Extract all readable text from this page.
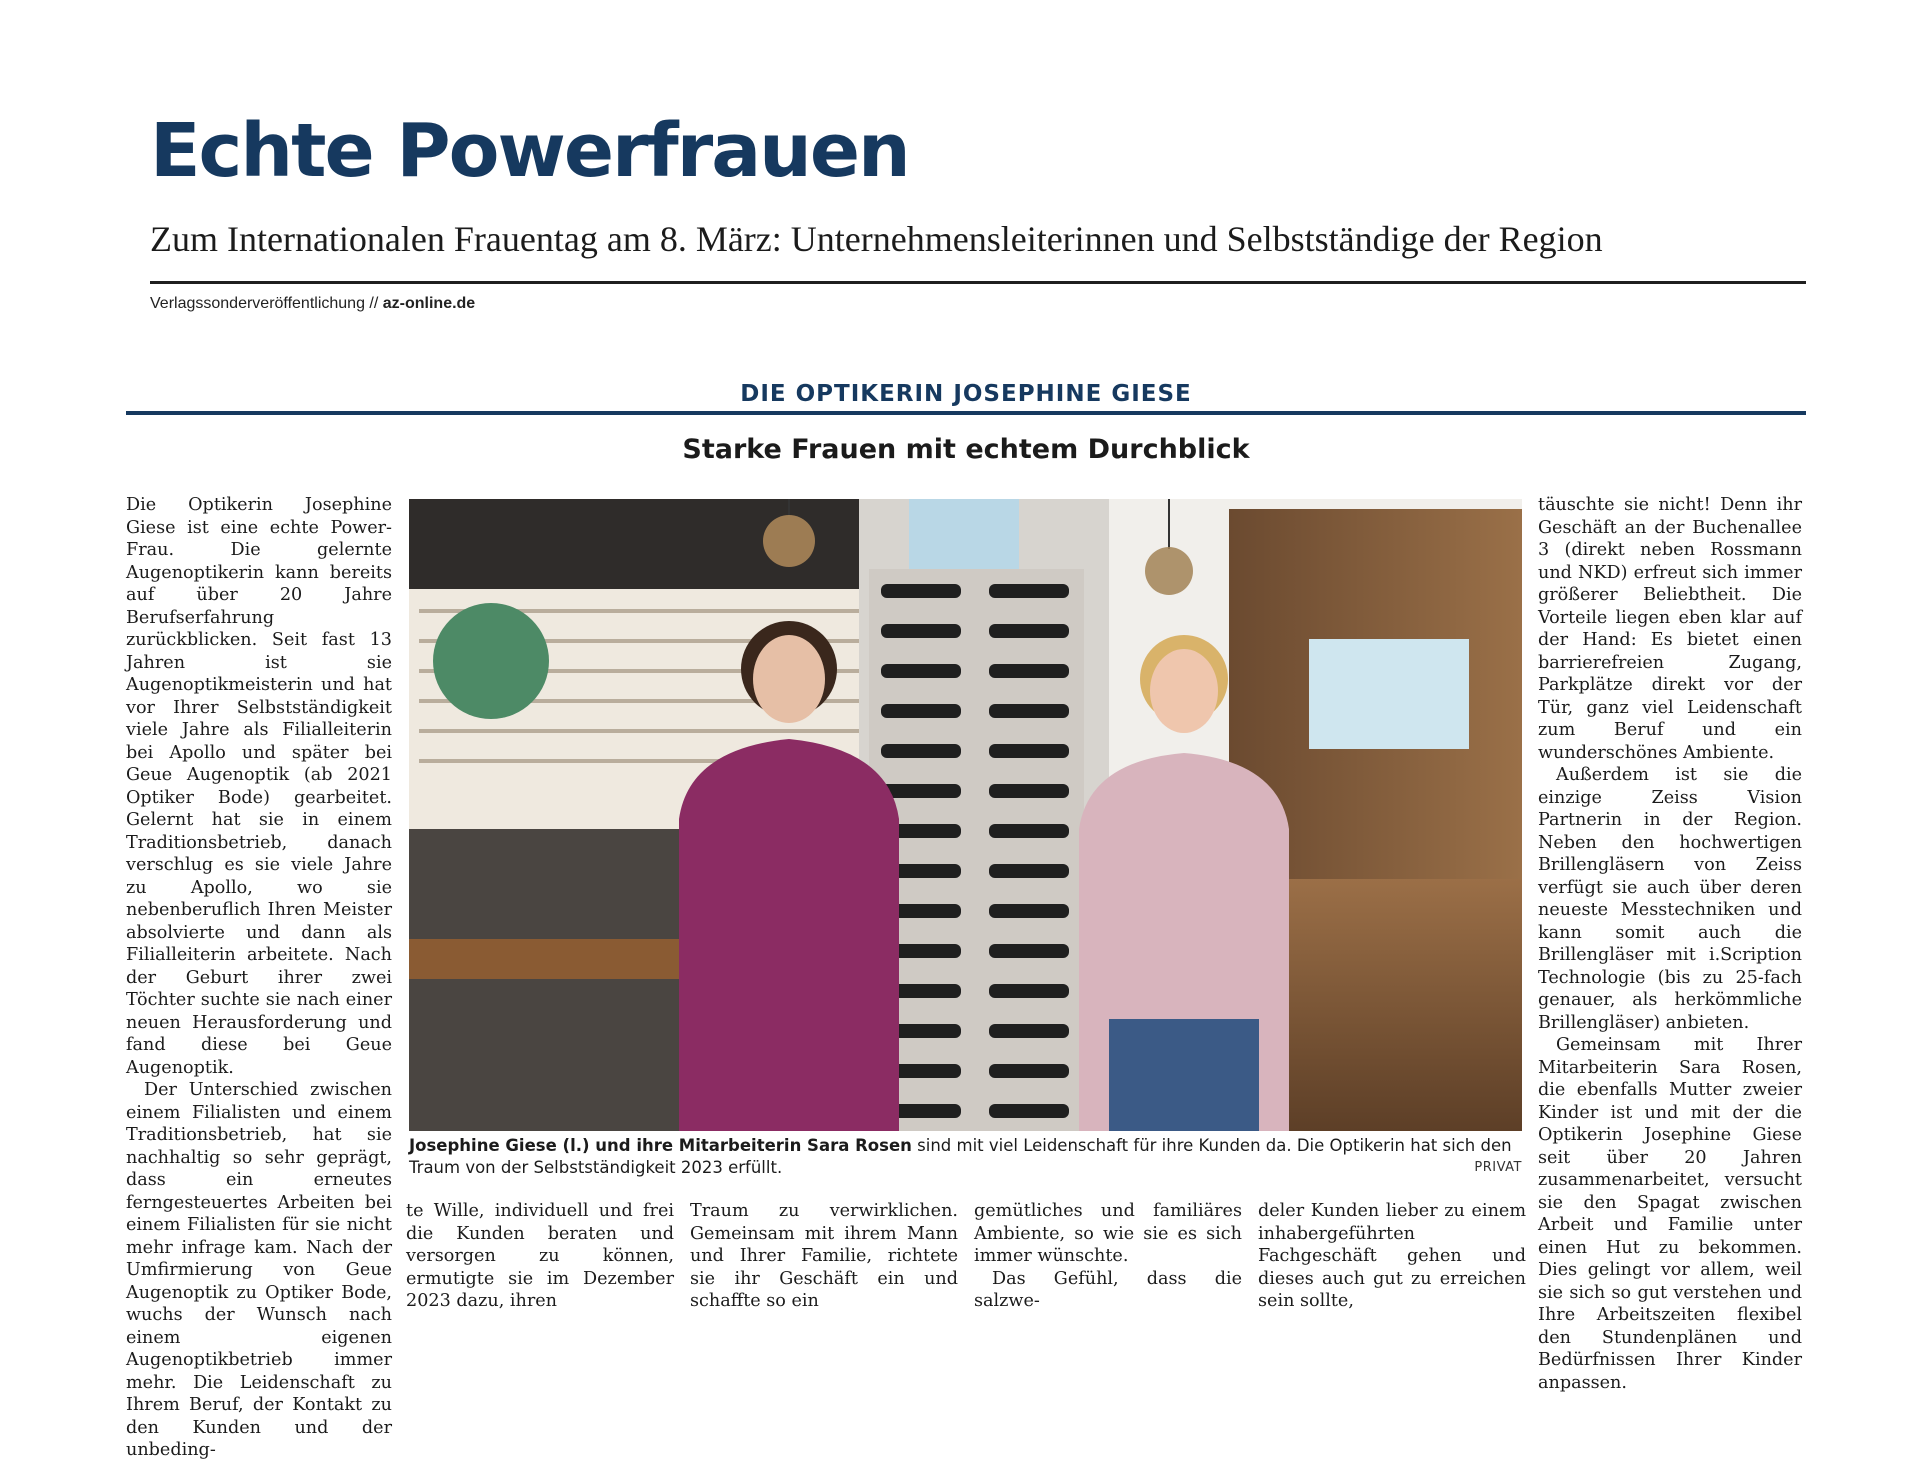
Echte Powerfrauen
Zum Internationalen Frauentag am 8. März: Unternehmensleiterinnen und Selbstständige der Region
Verlagssonderveröffentlichung // az-online.de
DIE OPTIKERIN JOSEPHINE GIESE
Starke Frauen mit echtem Durchblick

Die Optikerin Josephine Giese ist eine echte Power-Frau. Die gelernte Augenoptikerin kann bereits auf über 20 Jahre Berufserfahrung zurückblicken. Seit fast 13 Jahren ist sie Augenoptikmeisterin und hat vor Ihrer Selbstständigkeit viele Jahre als Filialleiterin bei Apollo und später bei Geue Augenoptik (ab 2021 Optiker Bode) gearbeitet. Gelernt hat sie in einem Traditionsbetrieb, danach verschlug es sie viele Jahre zu Apollo, wo sie nebenberuflich Ihren Meister absolvierte und dann als Filialleiterin arbeitete. Nach der Geburt ihrer zwei Töchter suchte sie nach einer neuen Herausforderung und fand diese bei Geue Augenoptik.

Der Unterschied zwischen einem Filialisten und einem Traditionsbetrieb, hat sie nachhaltig so sehr geprägt, dass ein erneutes ferngesteuertes Arbeiten bei einem Filialisten für sie nicht mehr infrage kam. Nach der Umfirmierung von Geue Augenoptik zu Optiker Bode, wuchs der Wunsch nach einem eigenen Augenoptikbetrieb immer mehr. Die Leidenschaft zu Ihrem Beruf, der Kontakt zu den Kunden und der unbeding-

Josephine Giese (l.) und ihre Mitarbeiterin Sara Rosen sind mit viel Leidenschaft für ihre Kunden da. Die Optikerin hat sich den Traum von der Selbstständigkeit 2023 erfüllt.	PRIVAT

te Wille, individuell und frei die Kunden beraten und versorgen zu können, ermutigte sie im Dezember 2023 dazu, ihren

Traum zu verwirklichen. Gemeinsam mit ihrem Mann und Ihrer Familie, richtete sie ihr Geschäft ein und schaffte so ein

gemütliches und familiäres Ambiente, so wie sie es sich immer wünschte.

Das Gefühl, dass die salzwe-

deler Kunden lieber zu einem inhabergeführten Fachgeschäft gehen und dieses auch gut zu erreichen sein sollte,

täuschte sie nicht! Denn ihr Geschäft an der Buchenallee 3 (direkt neben Rossmann und NKD) erfreut sich immer größerer Beliebtheit. Die Vorteile liegen eben klar auf der Hand: Es bietet einen barrierefreien Zugang, Parkplätze direkt vor der Tür, ganz viel Leidenschaft zum Beruf und ein wunderschönes Ambiente.

Außerdem ist sie die einzige Zeiss Vision Partnerin in der Region. Neben den hochwertigen Brillengläsern von Zeiss verfügt sie auch über deren neueste Messtechniken und kann somit auch die Brillengläser mit i.Scription Technologie (bis zu 25-fach genauer, als herkömmliche Brillengläser) anbieten.

Gemeinsam mit Ihrer Mitarbeiterin Sara Rosen, die ebenfalls Mutter zweier Kinder ist und mit der die Optikerin Josephine Giese seit über 20 Jahren zusammenarbeitet, versucht sie den Spagat zwischen Arbeit und Familie unter einen Hut zu bekommen. Dies gelingt vor allem, weil sie sich so gut verstehen und Ihre Arbeitszeiten flexibel den Stundenplänen und Bedürfnissen Ihrer Kinder anpassen.
